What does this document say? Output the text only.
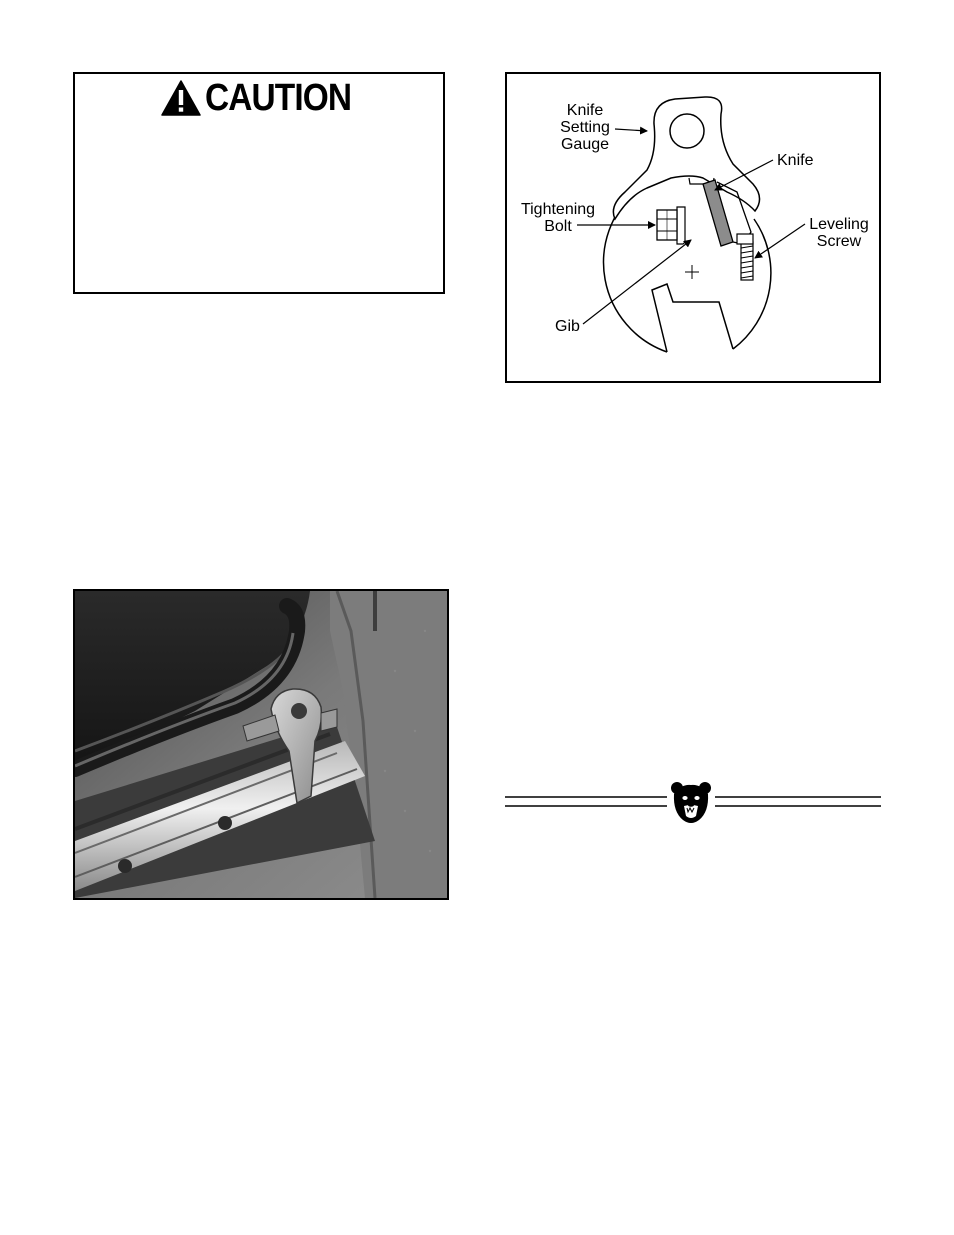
CAUTION	Knife
Setting
Gauge
Knife
Tightening
Bolt	Leveling
Screw
Gib
